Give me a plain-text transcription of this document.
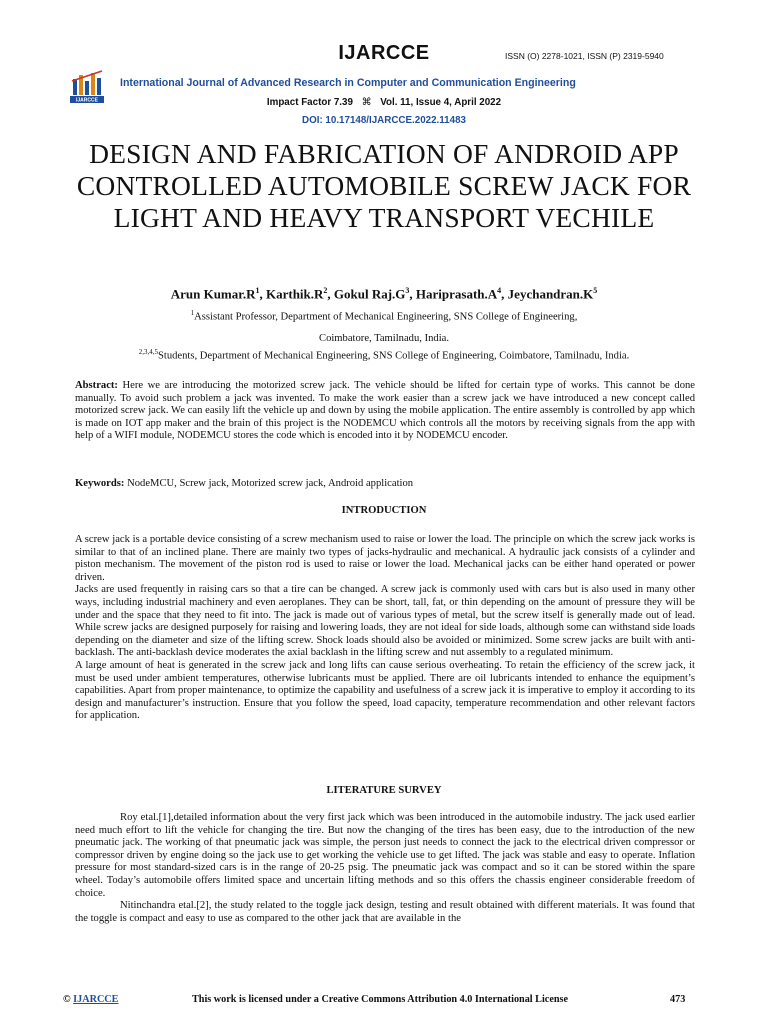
IJARCCE	ISSN (O) 2278-1021, ISSN (P) 2319-5940
IJARCCE
International Journal of Advanced Research in Computer and Communication Engineering
Impact Factor 7.39 ⌘ Vol. 11, Issue 4, April 2022
DOI: 10.17148/IJARCCE.2022.11483
DESIGN AND FABRICATION OF ANDROID APP CONTROLLED AUTOMOBILE SCREW JACK FOR LIGHT AND HEAVY TRANSPORT VECHILE
Arun $Kumar.R^1$, $Karthik.R^2$, Gokul $Raj.G^3$, $Hariprasath.A^4$, $Jeychandran.K^5$
$^1$Assistant Professor, Department of Mechanical Engineering, SNS College of Engineering,
Coimbatore, Tamilnadu, India.
$^{2,3,4,5}$Students, Department of Mechanical Engineering, SNS College of Engineering, Coimbatore, Tamilnadu, India.
Abstract: Here we are introducing the motorized screw jack. The vehicle should be lifted for certain type of works. This cannot be done manually. To avoid such problem a jack was invented. To make the work easier than a screw jack we have introduced a new concept called motorized screw jack. We can easily lift the vehicle up and down by using the mobile application. The entire assembly is controlled by app which is made on IOT app maker and the brain of this project is the NODEMCU which controls all the motors by receiving signals from the app with help of a WIFI module, NODEMCU stores the code which is encoded into it by NODEMCU encoder.
Keywords: NodeMCU, Screw jack, Motorized screw jack, Android application
INTRODUCTION
A screw jack is a portable device consisting of a screw mechanism used to raise or lower the load. The principle on which the screw jack works is similar to that of an inclined plane. There are mainly two types of jacks-hydraulic and mechanical. A hydraulic jack consists of a cylinder and piston mechanism. The movement of the piston rod is used to raise or lower the load. Mechanical jacks can be either hand operated or power driven.
Jacks are used frequently in raising cars so that a tire can be changed. A screw jack is commonly used with cars but is also used in many other ways, including industrial machinery and even aeroplanes. They can be short, tall, fat, or thin depending on the amount of pressure they will be under and the space that they need to fit into. The jack is made out of various types of metal, but the screw itself is generally made out of lead. While screw jacks are designed purposely for raising and lowering loads, they are not ideal for side loads, although some can withstand side loads depending on the diameter and size of the lifting screw. Shock loads should also be avoided or minimized. Some screw jacks are built with anti-backlash. The anti-backlash device moderates the axial backlash in the lifting screw and nut assembly to a regulated minimum.
A large amount of heat is generated in the screw jack and long lifts can cause serious overheating. To retain the efficiency of the screw jack, it must be used under ambient temperatures, otherwise lubricants must be applied. There are oil lubricants intended to enhance the equipment’s capabilities. Apart from proper maintenance, to optimize the capability and usefulness of a screw jack it is imperative to employ it according to its design and manufacturer’s instruction. Ensure that you follow the speed, load capacity, temperature recommendation and other relevant factors for application.
LITERATURE SURVEY
Roy etal.[1],detailed information about the very first jack which was been introduced in the automobile industry. The jack used earlier need much effort to lift the vehicle for changing the tire. But now the changing of the tires has been easy, due to the introduction of the new pneumatic jack. The working of that pneumatic jack was simple, the person just needs to connect the jack to the electrical driven compressor or compressor driven by engine doing so the jack use to get working the vehicle use to get lifted. The jack was stable and easy to operate. Inflation pressure for most standard-sized cars is in the range of 20-25 psig. The pneumatic jack was compact and so it can be stored within the spare wheel. Today’s automobile offers limited space and uncertain lifting methods and so this offers the chassis engineer considerable freedom of choice.
Nitinchandra etal.[2], the study related to the toggle jack design, testing and result obtained with different materials. It was found that the toggle is compact and easy to use as compared to the other jack that are available in the
© IJARCCE	This work is licensed under a Creative Commons Attribution 4.0 International License	473
